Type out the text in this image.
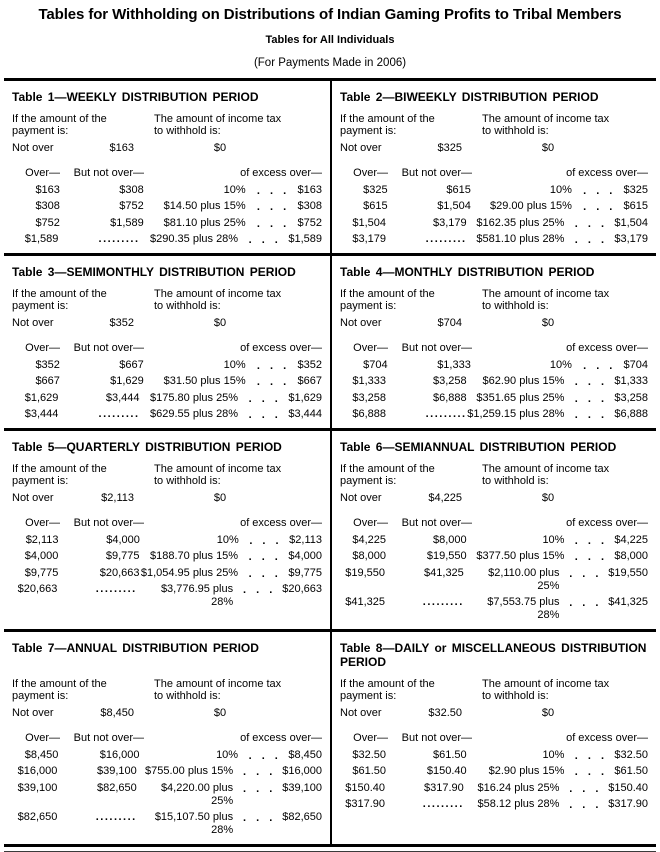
Tables for Withholding on Distributions of Indian Gaming Profits to Tribal Members
Tables for All Individuals
(For Payments Made in 2006)
Table 1—WEEKLY DISTRIBUTION PERIOD
If the amount of the
payment is:
The amount of income tax
to withhold is:
Not over	$163	$0
Over—	But not over—	of excess over—
$163	$308	10%	. . .	$163
$308	$752	$14.50 plus 15%	. . .	$308
$752	$1,589	$81.10 plus 25%	. . .	$752
$1,589	......... $290.35 plus 28% . . . $1,589
Table 2—BIWEEKLY DISTRIBUTION PERIOD
If the amount of the
payment is:
The amount of income tax
to withhold is:
Not over	$325	$0
Over—	But not over—	of excess over—
$325	$615	10%	. . .	$325
$615	$1,504	$29.00 plus 15%	. . .	$615
$1,504	$3,179 $162.35 plus 25% . . . $1,504
$3,179	......... $581.10 plus 28% . . . $3,179
Table 3—SEMIMONTHLY DISTRIBUTION PERIOD
If the amount of the
payment is:
The amount of income tax
to withhold is:
Not over	$352	$0
Over—	But not over—	of excess over—
$352	$667	10%	. . .	$352
$667	$1,629	$31.50 plus 15%	. . .	$667
$1,629	$3,444 $175.80 plus 25% . . . $1,629
$3,444	......... $629.55 plus 28% . . . $3,444
Table 4—MONTHLY DISTRIBUTION PERIOD
If the amount of the
payment is:
The amount of income tax
to withhold is:
Not over	$704	$0
Over—	But not over—	of excess over—
$704	$1,333	10%	. . .	$704
$1,333	$3,258	$62.90 plus 15% . . . $1,333
$3,258	$6,888 $351.65 plus 25% . . . $3,258
$6,888	......... $1,259.15 plus 28% . . . $6,888
Table 5—QUARTERLY DISTRIBUTION PERIOD
If the amount of the
payment is:
The amount of income tax
to withhold is:
Not over	$2,113	$0
Over—	But not over—	of excess over—
$2,113	$4,000	10% . . . $2,113
$4,000	$9,775 $188.70 plus 15% . . . $4,000
$9,775	$20,663 $1,054.95 plus 25% . . . $9,775
$20,663	.........	$3,776.95 plus 28%
. . . $20,663
Table 6—SEMIANNUAL DISTRIBUTION PERIOD
If the amount of the
payment is:
The amount of income tax
to withhold is:
Not over	$4,225	$0
Over—	But not over—	of excess over—
$4,225	$8,000	10% . . . $4,225
$8,000	$19,550 $377.50 plus 15% . . . $8,000
$19,550	$41,325	$2,110.00 plus 25%
. . . $19,550
$41,325	.........	$7,553.75 plus 28%
. . . $41,325
Table 7—ANNUAL DISTRIBUTION PERIOD
If the amount of the
payment is:
The amount of income tax
to withhold is:
Not over	$8,450	$0
Over—	But not over—	of excess over—
$8,450	$16,000	10% . . . $8,450
$16,000	$39,100 $755.00 plus 15% . . . $16,000
$39,100	$82,650	$4,220.00 plus 25%
. . . $39,100
$82,650	.........	$15,107.50 plus 28%
. . . $82,650
Table 8—DAILY or MISCELLANEOUS DISTRIBUTION PERIOD
If the amount of the
payment is:
The amount of income tax
to withhold is:
Not over	$32.50	$0
Over—	But not over—	of excess over—
$32.50	$61.50	10% . . . $32.50
$61.50	$150.40	$2.90 plus 15% . . . $61.50
$150.40	$317.90	$16.24 plus 25% . . . $150.40
$317.90	.........	$58.12 plus 28% . . . $317.90
